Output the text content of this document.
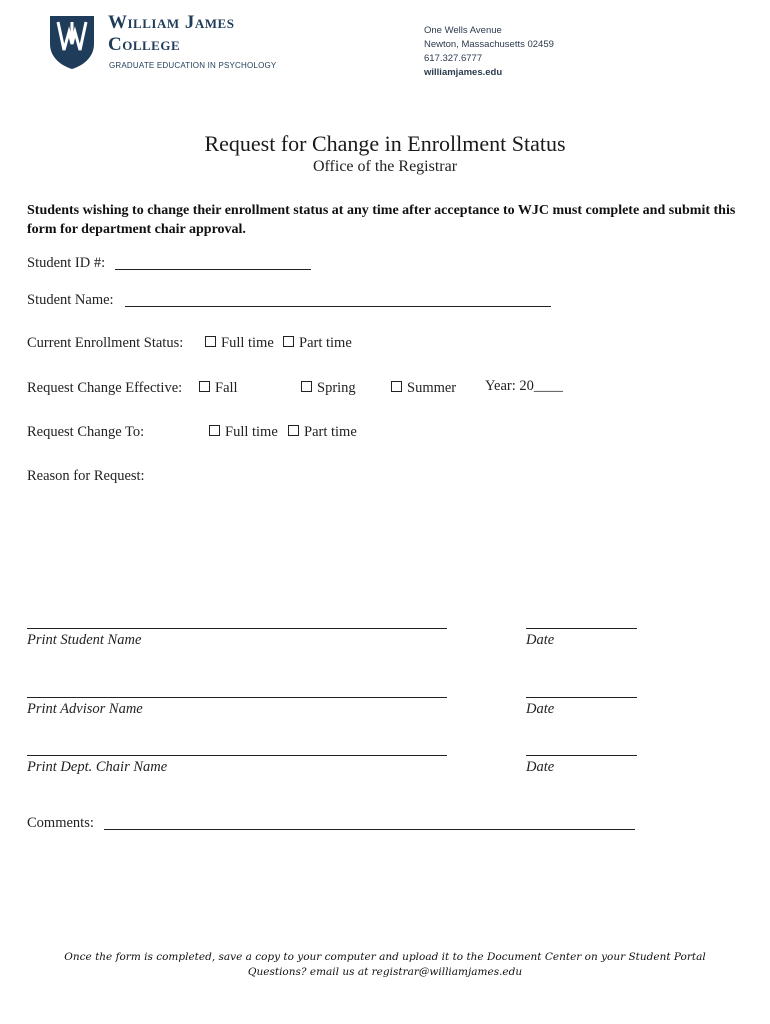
William James
College
GRADUATE EDUCATION IN PSYCHOLOGY
One Wells Avenue
Newton, Massachusetts 02459
617.327.6777
williamjames.edu
Request for Change in Enrollment Status
Office of the Registrar
Students wishing to change their enrollment status at any time after acceptance to WJC must complete and submit this form for department chair approval.
Student ID #:
Student Name:
Current Enrollment Status:	Full time	Part time
Request Change Effective:	Fall	Spring	Summer Year: 20____
Request Change To:	Full time	Part time
Reason for Request:
Print Student Name	Date
Print Advisor Name	Date
Print Dept. Chair Name	Date
Comments:
Once the form is completed, save a copy to your computer and upload it to the Document Center on your Student Portal
Questions? email us at registrar@williamjames.edu
